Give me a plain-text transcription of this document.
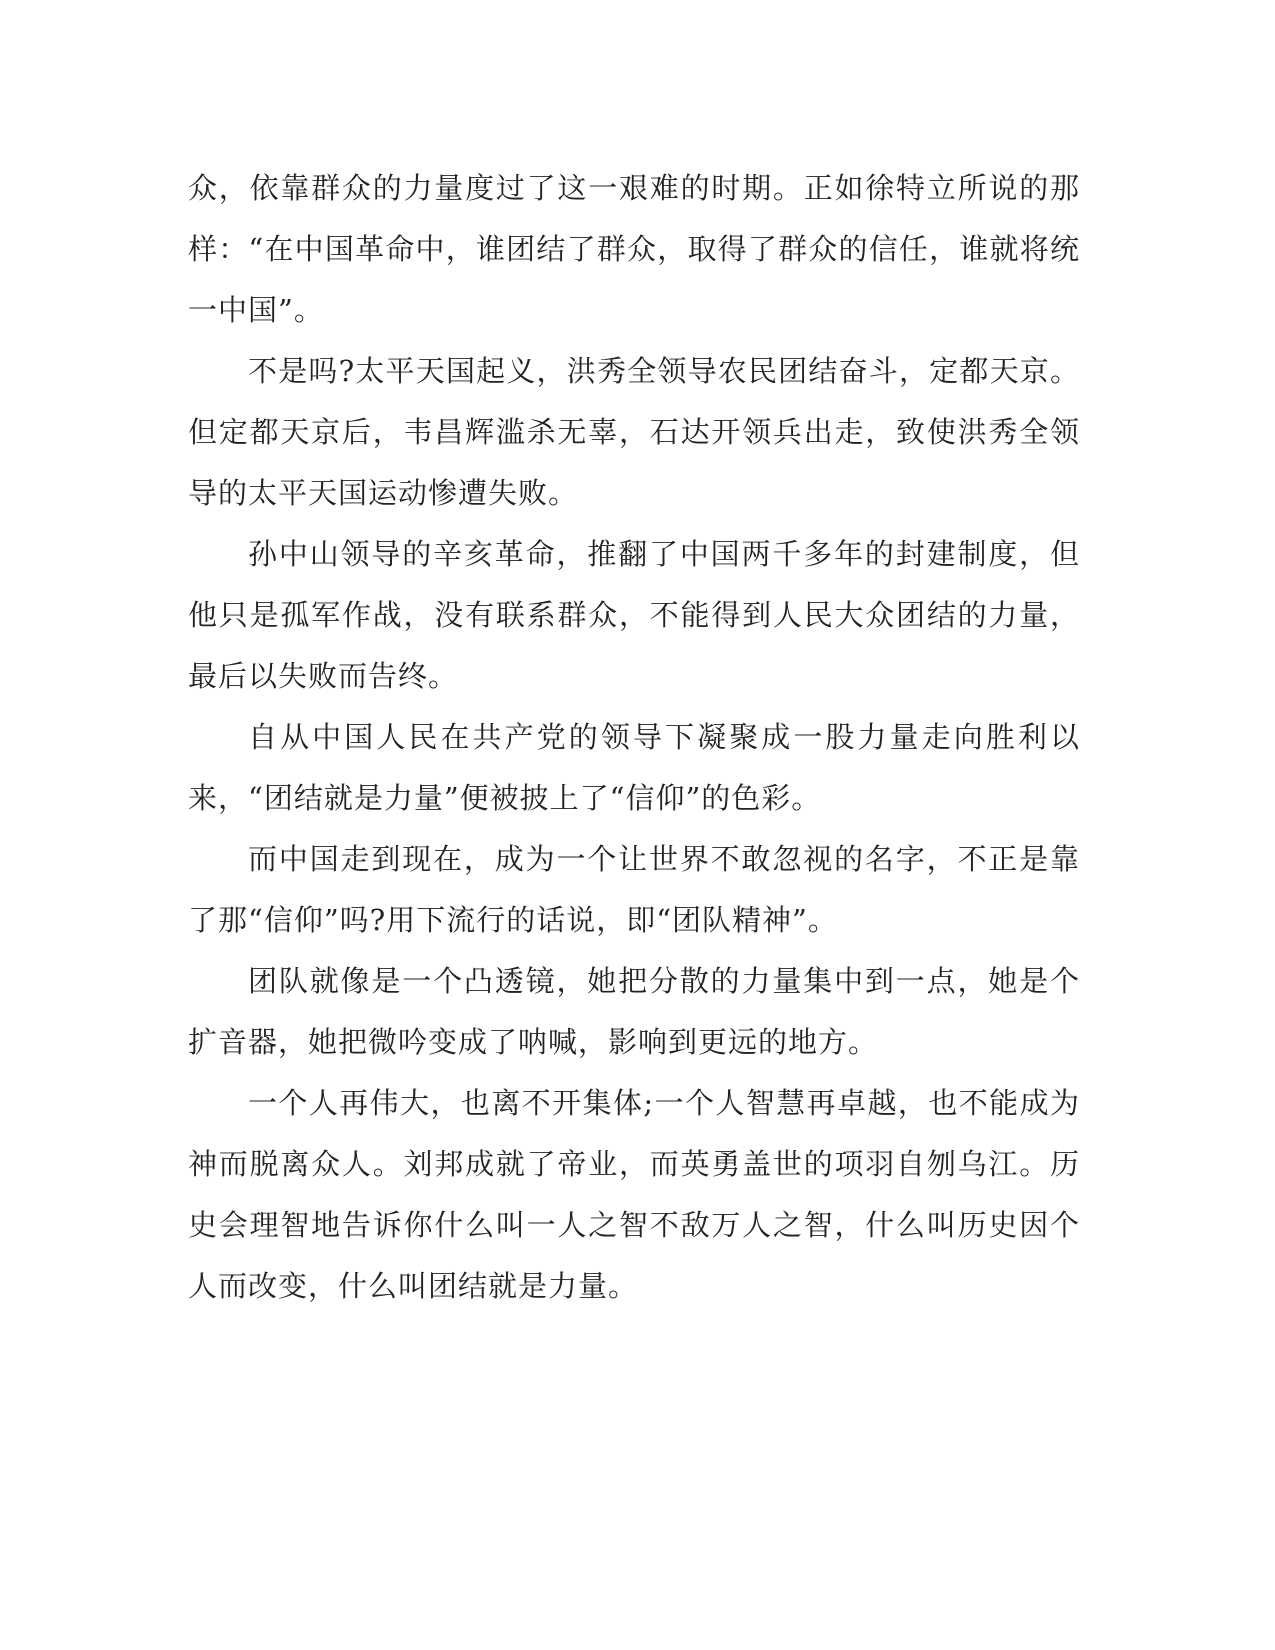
众，依靠群众的力量度过了这一艰难的时期。正如徐特立所说的那样：“在中国革命中，谁团结了群众，取得了群众的信任，谁就将统一中国”。

不是吗?太平天国起义，洪秀全领导农民团结奋斗，定都天京。但定都天京后，韦昌辉滥杀无辜，石达开领兵出走，致使洪秀全领导的太平天国运动惨遭失败。

孙中山领导的辛亥革命，推翻了中国两千多年的封建制度，但他只是孤军作战，没有联系群众，不能得到人民大众团结的力量，最后以失败而告终。

自从中国人民在共产党的领导下凝聚成一股力量走向胜利以来，“团结就是力量”便被披上了“信仰”的色彩。

而中国走到现在，成为一个让世界不敢忽视的名字，不正是靠了那“信仰”吗?用下流行的话说，即“团队精神”。

团队就像是一个凸透镜，她把分散的力量集中到一点，她是个扩音器，她把微吟变成了呐喊，影响到更远的地方。

一个人再伟大，也离不开集体;一个人智慧再卓越，也不能成为神而脱离众人。刘邦成就了帝业，而英勇盖世的项羽自刎乌江。历史会理智地告诉你什么叫一人之智不敌万人之智，什么叫历史因个人而改变，什么叫团结就是力量。
